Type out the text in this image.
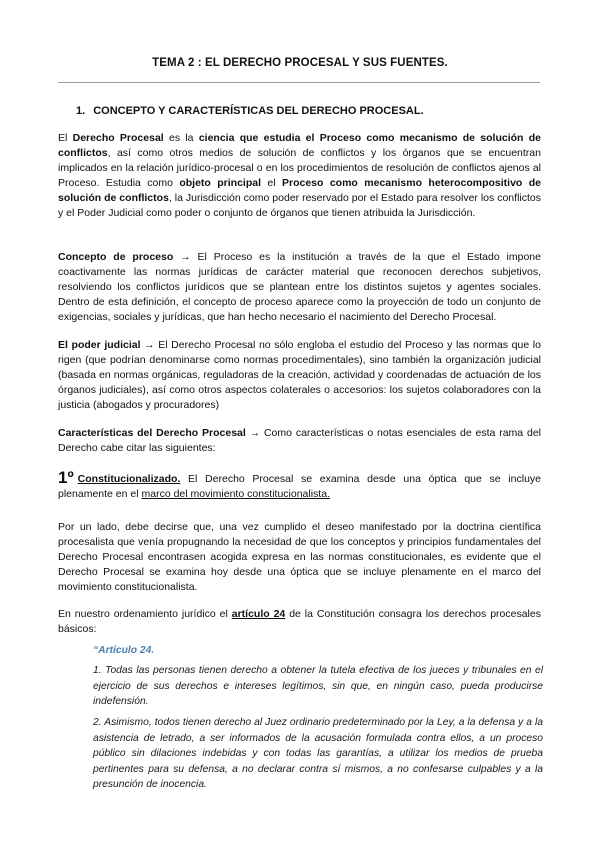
TEMA 2 : EL DERECHO PROCESAL Y SUS FUENTES.
1. CONCEPTO Y CARACTERÍSTICAS DEL DERECHO PROCESAL.

El Derecho Procesal es la ciencia que estudia el Proceso como mecanismo de solución de conflictos, así como otros medios de solución de conflictos y los órganos que se encuentran implicados en la relación jurídico-procesal o en los procedimientos de resolución de conflictos ajenos al Proceso. Estudia como objeto principal el Proceso como mecanismo heterocompositivo de solución de conflictos, la Jurisdicción como poder reservado por el Estado para resolver los conflictos y el Poder Judicial como poder o conjunto de órganos que tienen atribuida la Jurisdicción.

Concepto de proceso → El Proceso es la institución a través de la que el Estado impone coactivamente las normas jurídicas de carácter material que reconocen derechos subjetivos, resolviendo los conflictos jurídicos que se plantean entre los distintos sujetos y agentes sociales. Dentro de esta definición, el concepto de proceso aparece como la proyección de todo un conjunto de exigencias, sociales y jurídicas, que han hecho necesario el nacimiento del Derecho Procesal.

El poder judicial → El Derecho Procesal no sólo engloba el estudio del Proceso y las normas que lo rigen (que podrían denominarse como normas procedimentales), sino también la organización judicial (basada en normas orgánicas, reguladoras de la creación, actividad y coordenadas de actuación de los órganos judiciales), así como otros aspectos colaterales o accesorios: los sujetos colaboradores con la justicia (abogados y procuradores)

Características del Derecho Procesal → Como características o notas esenciales de esta rama del Derecho cabe citar las siguientes:

1º Constitucionalizado. El Derecho Procesal se examina desde una óptica que se incluye plenamente en el marco del movimiento constitucionalista.

Por un lado, debe decirse que, una vez cumplido el deseo manifestado por la doctrina científica procesalista que venía propugnando la necesidad de que los conceptos y principios fundamentales del Derecho Procesal encontrasen acogida expresa en las normas constitucionales, es evidente que el Derecho Procesal se examina hoy desde una óptica que se incluye plenamente en el marco del movimiento constitucionalista.

En nuestro ordenamiento jurídico el artículo 24 de la Constitución consagra los derechos procesales básicos:

“Artículo 24.

1. Todas las personas tienen derecho a obtener la tutela efectiva de los jueces y tribunales en el ejercicio de sus derechos e intereses legítimos, sin que, en ningún caso, pueda producirse indefensión.

2. Asimismo, todos tienen derecho al Juez ordinario predeterminado por la Ley, a la defensa y a la asistencia de letrado, a ser informados de la acusación formulada contra ellos, a un proceso público sin dilaciones indebidas y con todas las garantías, a utilizar los medios de prueba pertinentes para su defensa, a no declarar contra sí mismos, a no confesarse culpables y a la presunción de inocencia.
